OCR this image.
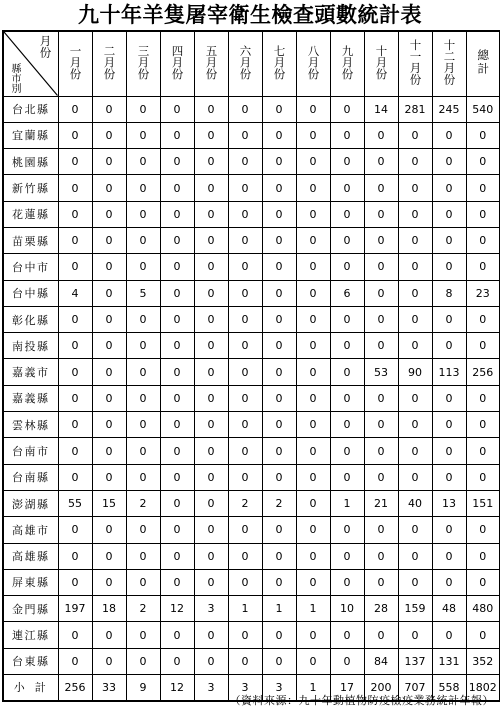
九十年羊隻屠宰衛生檢查頭數統計表
月份
縣市別	一月份	二月份	三月份	四月份	五月份	六月份	七月份	八月份	九月份	十月份	十一月份	十二月份	總計
台北縣	0	0	0	0	0	0	0	0	0	14	281	245	540
宜蘭縣	0	0	0	0	0	0	0	0	0	0	0	0	0
桃園縣	0	0	0	0	0	0	0	0	0	0	0	0	0
新竹縣	0	0	0	0	0	0	0	0	0	0	0	0	0
花蓮縣	0	0	0	0	0	0	0	0	0	0	0	0	0
苗栗縣	0	0	0	0	0	0	0	0	0	0	0	0	0
台中市	0	0	0	0	0	0	0	0	0	0	0	0	0
台中縣	4	0	5	0	0	0	0	0	6	0	0	8	23
彰化縣	0	0	0	0	0	0	0	0	0	0	0	0	0
南投縣	0	0	0	0	0	0	0	0	0	0	0	0	0
嘉義市	0	0	0	0	0	0	0	0	0	53	90	113	256
嘉義縣	0	0	0	0	0	0	0	0	0	0	0	0	0
雲林縣	0	0	0	0	0	0	0	0	0	0	0	0	0
台南市	0	0	0	0	0	0	0	0	0	0	0	0	0
台南縣	0	0	0	0	0	0	0	0	0	0	0	0	0
澎湖縣	55	15	2	0	0	2	2	0	1	21	40	13	151
高雄市	0	0	0	0	0	0	0	0	0	0	0	0	0
高雄縣	0	0	0	0	0	0	0	0	0	0	0	0	0
屏東縣	0	0	0	0	0	0	0	0	0	0	0	0	0
金門縣	197	18	2	12	3	1	1	1	10	28	159	48	480
連江縣	0	0	0	0	0	0	0	0	0	0	0	0	0
台東縣	0	0	0	0	0	0	0	0	0	84	137	131	352
小計	256	33	9	12	3	3	3	1	17	200	707	558	1802
（資料來源：九十年動植物防疫檢疫業務統計年報）
